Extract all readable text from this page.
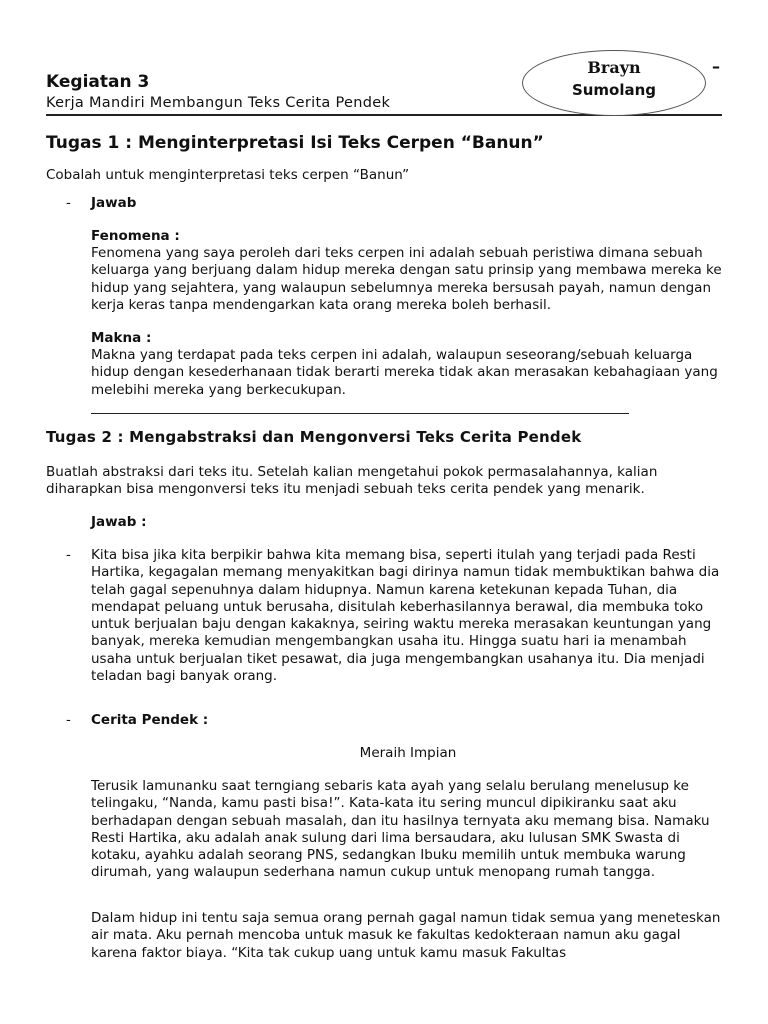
Kegiatan 3

Kerja Mandiri Membangun Teks Cerita Pendek

Brayn
Sumolang
–
Tugas 1 : Menginterpretasi Isi Teks Cerpen “Banun”

Cobalah untuk menginterpretasi teks cerpen “Banun”

- Jawab

Fenomena :

Fenomena yang saya peroleh dari teks cerpen ini adalah sebuah peristiwa dimana sebuah keluarga yang berjuang dalam hidup mereka dengan satu prinsip yang membawa mereka ke hidup yang sejahtera, yang walaupun sebelumnya mereka bersusah payah, namun dengan kerja keras tanpa mendengarkan kata orang mereka boleh berhasil.

Makna :

Makna yang terdapat pada teks cerpen ini adalah, walaupun seseorang/sebuah keluarga hidup dengan kesederhanaan tidak berarti mereka tidak akan merasakan kebahagiaan yang melebihi mereka yang berkecukupan.

Tugas 2 : Mengabstraksi dan Mengonversi Teks Cerita Pendek

Buatlah abstraksi dari teks itu. Setelah kalian mengetahui pokok permasalahannya, kalian diharapkan bisa mengonversi teks itu menjadi sebuah teks cerita pendek yang menarik.

Jawab :

- Kita bisa jika kita berpikir bahwa kita memang bisa, seperti itulah yang terjadi pada Resti Hartika, kegagalan memang menyakitkan bagi dirinya namun tidak membuktikan bahwa dia telah gagal sepenuhnya dalam hidupnya. Namun karena ketekunan kepada Tuhan, dia mendapat peluang untuk berusaha, disitulah keberhasilannya berawal, dia membuka toko untuk berjualan baju dengan kakaknya, seiring waktu mereka merasakan keuntungan yang banyak, mereka kemudian mengembangkan usaha itu. Hingga suatu hari ia menambah usaha untuk berjualan tiket pesawat, dia juga mengembangkan usahanya itu. Dia menjadi teladan bagi banyak orang.

- Cerita Pendek :

Meraih Impian

Terusik lamunanku saat terngiang sebaris kata ayah yang selalu berulang menelusup ke telingaku, “Nanda, kamu pasti bisa!”. Kata-kata itu sering muncul dipikiranku saat aku berhadapan dengan sebuah masalah, dan itu hasilnya ternyata aku memang bisa. Namaku Resti Hartika, aku adalah anak sulung dari lima bersaudara, aku lulusan SMK Swasta di kotaku, ayahku adalah seorang PNS, sedangkan Ibuku memilih untuk membuka warung dirumah, yang walaupun sederhana namun cukup untuk menopang rumah tangga.

Dalam hidup ini tentu saja semua orang pernah gagal namun tidak semua yang meneteskan air mata. Aku pernah mencoba untuk masuk ke fakultas kedokteraan namun aku gagal karena faktor biaya. “Kita tak cukup uang untuk kamu masuk Fakultas
